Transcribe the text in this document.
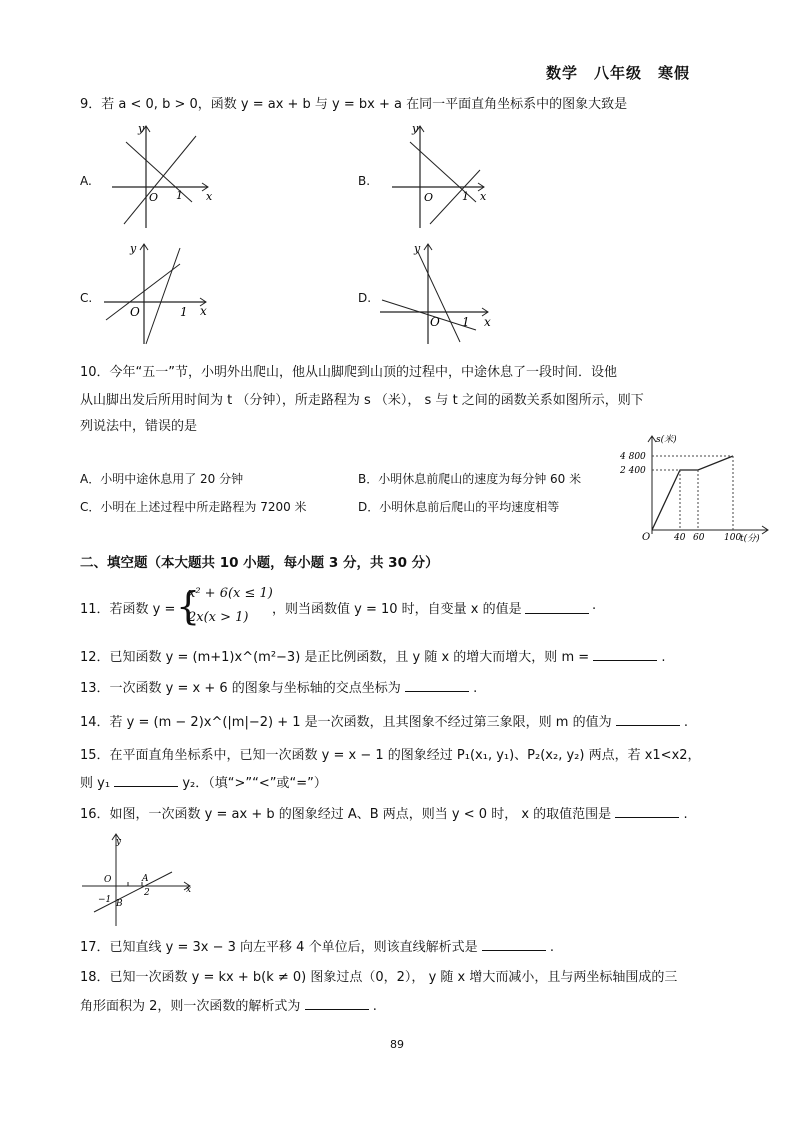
数学　八年级　寒假
9．若 a < 0, b > 0，函数 y = ax + b 与 y = bx + a 在同一平面直角坐标系中的图象大致是
A.
y
x
O 1
B.
y
x
O	1
C.
y
x
O	1
D.
y
x
O 1
10．今年“五一”节，小明外出爬山，他从山脚爬到山顶的过程中，中途休息了一段时间．设他
从山脚出发后所用时间为 t （分钟），所走路程为 s （米）， s 与 t 之间的函数关系如图所示，则下
列说法中，错误的是
A．小明中途休息用了 20 分钟	B．小明休息前爬山的速度为每分钟 60 米
C．小明在上述过程中所走路程为 7200 米	D．小明休息前后爬山的平均速度相等
s(米)
4 800
2 400
O	40 60 100
t(分)
二、填空题（本大题共 10 小题，每小题 3 分，共 30 分）
11．若函数 y = {
x² + 6(x ≤ 1)
2x(x > 1)
，则当函数值 y = 10 时，自变量 x 的值是	.
12．已知函数 y = (m+1)x^(m²−3) 是正比例函数，且 y 随 x 的增大而增大，则 m =	.
13．一次函数 y = x + 6 的图象与坐标轴的交点坐标为	.
14．若 y = (m − 2)x^(|m|−2) + 1 是一次函数，且其图象不经过第三象限，则 m 的值为	.
15．在平面直角坐标系中，已知一次函数 y = x − 1 的图象经过 P₁(x₁, y₁)、P₂(x₂, y₂) 两点，若 x1<x2，
则 y₁	y₂．（填“>”“<”或“=”）
16．如图，一次函数 y = ax + b 的图象经过 A、B 两点，则当 y < 0 时， x 的取值范围是	.
y
x
O	A
2
−1 B
17．已知直线 y = 3x − 3 向左平移 4 个单位后，则该直线解析式是	.
18．已知一次函数 y = kx + b(k ≠ 0) 图象过点（0，2）， y 随 x 增大而减小，且与两坐标轴围成的三
角形面积为 2，则一次函数的解析式为	.
89
